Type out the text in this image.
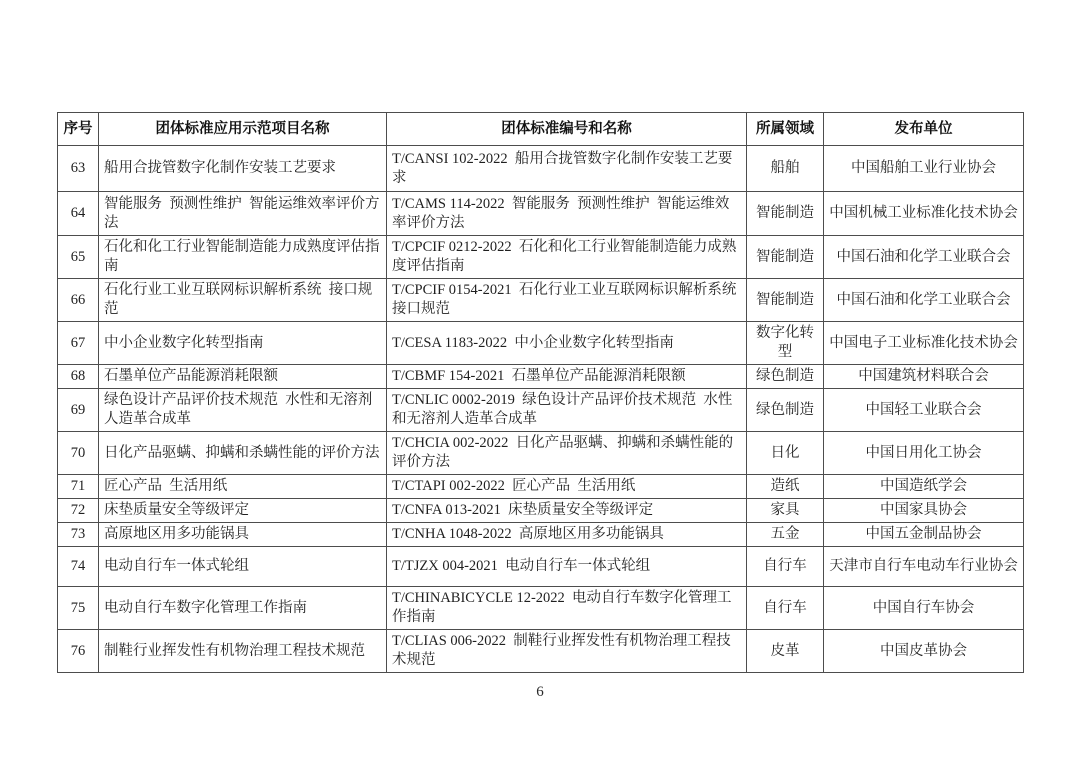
序号	团体标准应用示范项目名称	团体标准编号和名称	所属领域	发布单位
63	船用合拢管数字化制作安装工艺要求	T/CANSI 102-2022  船用合拢管数字化制作安装工艺要求	船舶	中国船舶工业行业协会
64	智能服务  预测性维护  智能运维效率评价方法	T/CAMS 114-2022  智能服务  预测性维护  智能运维效率评价方法	智能制造	中国机械工业标准化技术协会
65	石化和化工行业智能制造能力成熟度评估指南	T/CPCIF 0212-2022  石化和化工行业智能制造能力成熟度评估指南	智能制造	中国石油和化学工业联合会
66	石化行业工业互联网标识解析系统  接口规范	T/CPCIF 0154-2021  石化行业工业互联网标识解析系统  接口规范	智能制造	中国石油和化学工业联合会
67	中小企业数字化转型指南	T/CESA 1183-2022  中小企业数字化转型指南	数字化转型	中国电子工业标准化技术协会
68	石墨单位产品能源消耗限额	T/CBMF 154-2021  石墨单位产品能源消耗限额	绿色制造	中国建筑材料联合会
69	绿色设计产品评价技术规范  水性和无溶剂人造革合成革	T/CNLIC 0002-2019  绿色设计产品评价技术规范  水性和无溶剂人造革合成革	绿色制造	中国轻工业联合会
70	日化产品驱螨、抑螨和杀螨性能的评价方法	T/CHCIA 002-2022  日化产品驱螨、抑螨和杀螨性能的评价方法	日化	中国日用化工协会
71	匠心产品  生活用纸	T/CTAPI 002-2022  匠心产品  生活用纸	造纸	中国造纸学会
72	床垫质量安全等级评定	T/CNFA 013-2021  床垫质量安全等级评定	家具	中国家具协会
73	高原地区用多功能锅具	T/CNHA 1048-2022  高原地区用多功能锅具	五金	中国五金制品协会
74	电动自行车一体式轮组	T/TJZX 004-2021  电动自行车一体式轮组	自行车	天津市自行车电动车行业协会
75	电动自行车数字化管理工作指南	T/CHINABICYCLE 12-2022  电动自行车数字化管理工作指南	自行车	中国自行车协会
76	制鞋行业挥发性有机物治理工程技术规范	T/CLIAS 006-2022  制鞋行业挥发性有机物治理工程技术规范	皮革	中国皮革协会
6
